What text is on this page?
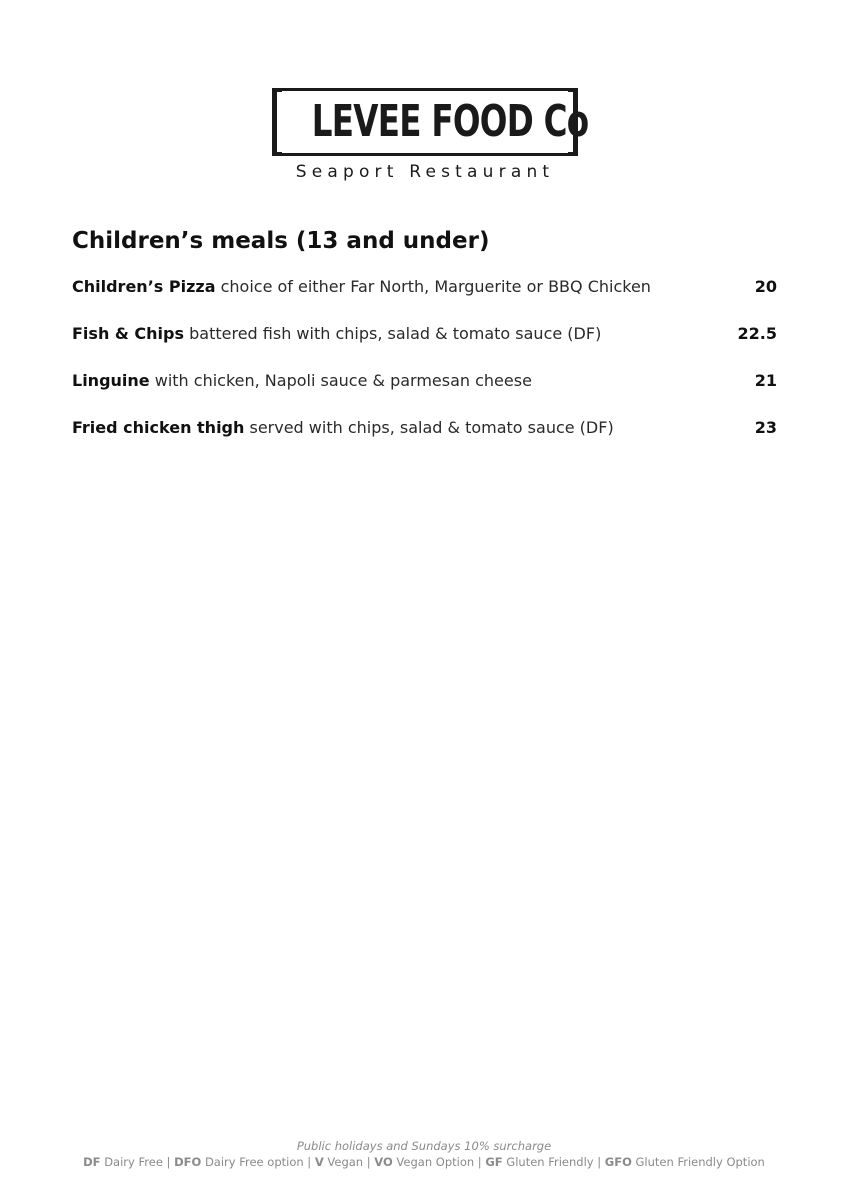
LEVEE FOOD Co
Seaport Restaurant
Children’s meals (13 and under)
Children’s Pizza choice of either Far North, Marguerite or BBQ Chicken	20
Fish & Chips battered fish with chips, salad & tomato sauce (DF)	22.5
Linguine with chicken, Napoli sauce & parmesan cheese	21
Fried chicken thigh served with chips, salad & tomato sauce (DF)	23
Public holidays and Sundays 10% surcharge
DF Dairy Free | DFO Dairy Free option | V Vegan | VO Vegan Option | GF Gluten Friendly | GFO Gluten Friendly Option
